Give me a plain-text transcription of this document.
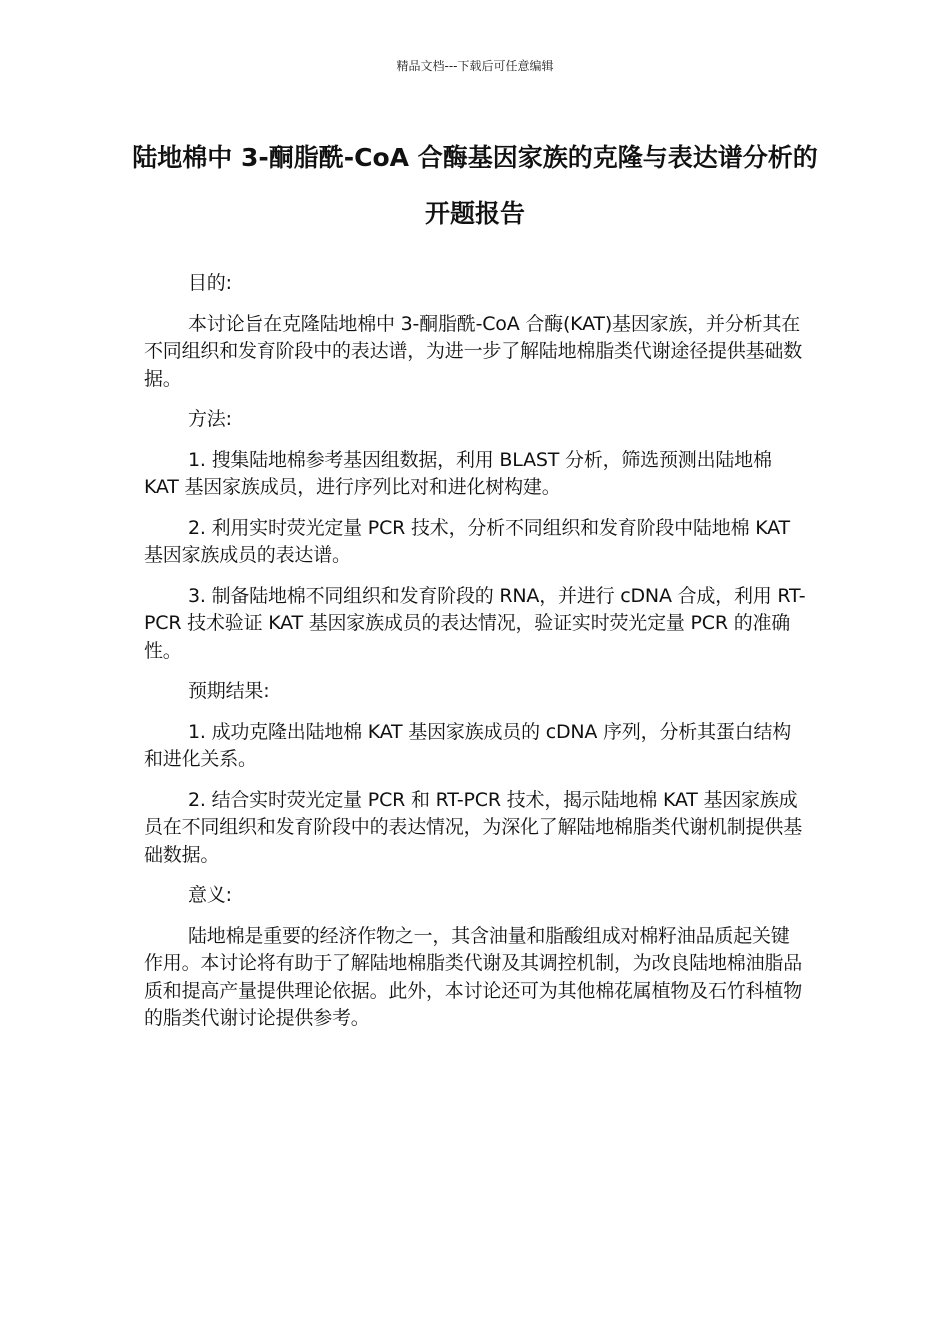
精品文档---下载后可任意编辑
陆地棉中 3-酮脂酰-CoA 合酶基因家族的克隆与表达谱分析的开题报告

目的:

本讨论旨在克隆陆地棉中 3-酮脂酰-CoA 合酶(KAT)基因家族，并分析其在不同组织和发育阶段中的表达谱，为进一步了解陆地棉脂类代谢途径提供基础数据。

方法:

1. 搜集陆地棉参考基因组数据，利用 BLAST 分析，筛选预测出陆地棉 KAT 基因家族成员，进行序列比对和进化树构建。

2. 利用实时荧光定量 PCR 技术，分析不同组织和发育阶段中陆地棉 KAT 基因家族成员的表达谱。

3. 制备陆地棉不同组织和发育阶段的 RNA，并进行 cDNA 合成，利用 RT-PCR 技术验证 KAT 基因家族成员的表达情况，验证实时荧光定量 PCR 的准确性。

预期结果:

1. 成功克隆出陆地棉 KAT 基因家族成员的 cDNA 序列，分析其蛋白结构和进化关系。

2. 结合实时荧光定量 PCR 和 RT-PCR 技术，揭示陆地棉 KAT 基因家族成员在不同组织和发育阶段中的表达情况，为深化了解陆地棉脂类代谢机制提供基础数据。

意义:

陆地棉是重要的经济作物之一，其含油量和脂酸组成对棉籽油品质起关键作用。本讨论将有助于了解陆地棉脂类代谢及其调控机制，为改良陆地棉油脂品质和提高产量提供理论依据。此外，本讨论还可为其他棉花属植物及石竹科植物的脂类代谢讨论提供参考。
